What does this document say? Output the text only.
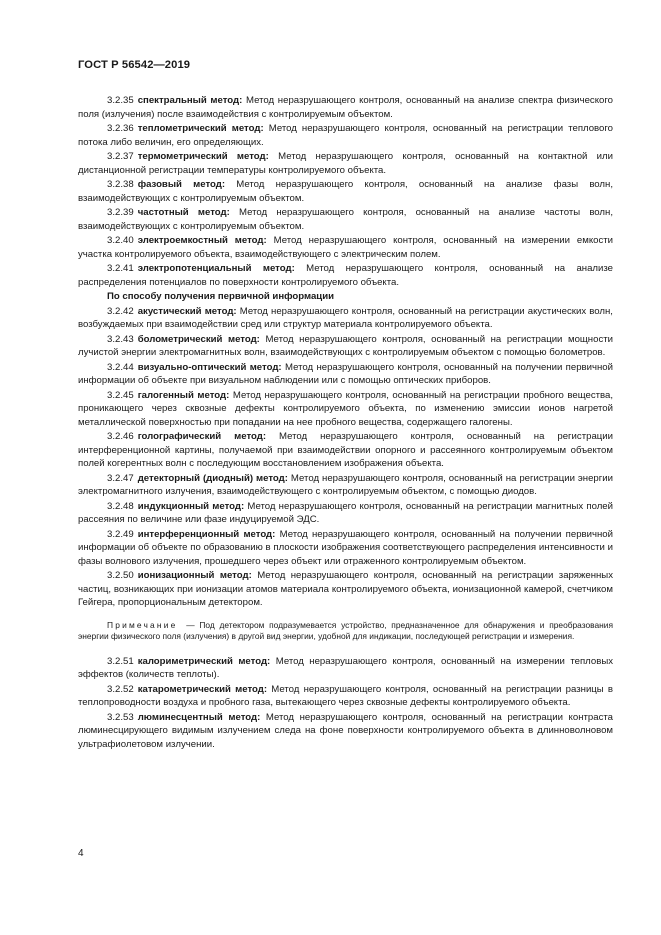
ГОСТ Р 56542—2019

3.2.35 спектральный метод: Метод неразрушающего контроля, основанный на анализе спектра физического поля (излучения) после взаимодействия с контролируемым объектом.

3.2.36 теплометрический метод: Метод неразрушающего контроля, основанный на регистрации теплового потока либо величин, его определяющих.

3.2.37 термометрический метод: Метод неразрушающего контроля, основанный на контактной или дистанционной регистрации температуры контролируемого объекта.

3.2.38 фазовый метод: Метод неразрушающего контроля, основанный на анализе фазы волн, взаимодействующих с контролируемым объектом.

3.2.39 частотный метод: Метод неразрушающего контроля, основанный на анализе частоты волн, взаимодействующих с контролируемым объектом.

3.2.40 электроемкостный метод: Метод неразрушающего контроля, основанный на измерении емкости участка контролируемого объекта, взаимодействующего с электрическим полем.

3.2.41 электропотенциальный метод: Метод неразрушающего контроля, основанный на анализе распределения потенциалов по поверхности контролируемого объекта.

По способу получения первичной информации

3.2.42 акустический метод: Метод неразрушающего контроля, основанный на регистрации акустических волн, возбуждаемых при взаимодействии сред или структур материала контролируемого объекта.

3.2.43 болометрический метод: Метод неразрушающего контроля, основанный на регистрации мощности лучистой энергии электромагнитных волн, взаимодействующих с контролируемым объектом с помощью болометров.

3.2.44 визуально-оптический метод: Метод неразрушающего контроля, основанный на получении первичной информации об объекте при визуальном наблюдении или с помощью оптических приборов.

3.2.45 галогенный метод: Метод неразрушающего контроля, основанный на регистрации пробного вещества, проникающего через сквозные дефекты контролируемого объекта, по изменению эмиссии ионов нагретой металлической поверхностью при попадании на нее пробного вещества, содержащего галогены.

3.2.46 голографический метод: Метод неразрушающего контроля, основанный на регистрации интерференционной картины, получаемой при взаимодействии опорного и рассеянного контролируемым объектом полей когерентных волн с последующим восстановлением изображения объекта.

3.2.47 детекторный (диодный) метод: Метод неразрушающего контроля, основанный на регистрации энергии электромагнитного излучения, взаимодействующего с контролируемым объектом, с помощью диодов.

3.2.48 индукционный метод: Метод неразрушающего контроля, основанный на регистрации магнитных полей рассеяния по величине или фазе индуцируемой ЭДС.

3.2.49 интерференционный метод: Метод неразрушающего контроля, основанный на получении первичной информации об объекте по образованию в плоскости изображения соответствующего распределения интенсивности и фазы волнового излучения, прошедшего через объект или отраженного контролируемым объектом.

3.2.50 ионизационный метод: Метод неразрушающего контроля, основанный на регистрации заряженных частиц, возникающих при ионизации атомов материала контролируемого объекта, ионизационной камерой, счетчиком Гейгера, пропорциональным детектором.

Примечание — Под детектором подразумевается устройство, предназначенное для обнаружения и преобразования энергии физического поля (излучения) в другой вид энергии, удобной для индикации, последующей регистрации и измерения.

3.2.51 калориметрический метод: Метод неразрушающего контроля, основанный на измерении тепловых эффектов (количеств теплоты).

3.2.52 катарометрический метод: Метод неразрушающего контроля, основанный на регистрации разницы в теплопроводности воздуха и пробного газа, вытекающего через сквозные дефекты контролируемого объекта.

3.2.53 люминесцентный метод: Метод неразрушающего контроля, основанный на регистрации контраста люминесцирующего видимым излучением следа на фоне поверхности контролируемого объекта в длинноволновом ультрафиолетовом излучении.

4
